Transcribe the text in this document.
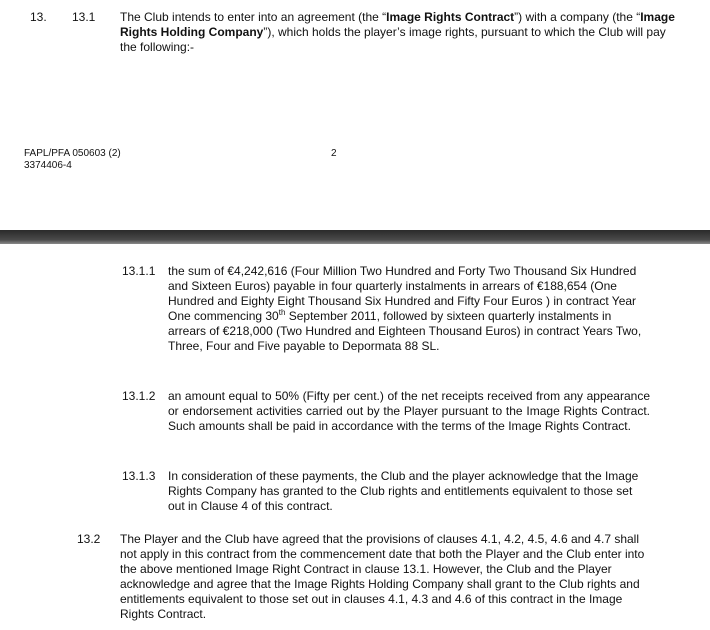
13. 13.1 The Club intends to enter into an agreement (the “Image Rights Contract”) with a company (the “Image Rights Holding Company”), which holds the player’s image rights, pursuant to which the Club will pay the following:-

FAPL/PFA 050603 (2)
3374406-4
2
13.1.1 the sum of €4,242,616 (Four Million Two Hundred and Forty Two Thousand Six Hundred and Sixteen Euros) payable in four quarterly instalments in arrears of €188,654 (One Hundred and Eighty Eight Thousand Six Hundred and Fifty Four Euros ) in contract Year One commencing 30th September 2011, followed by sixteen quarterly instalments in arrears of €218,000 (Two Hundred and Eighteen Thousand Euros) in contract Years Two, Three, Four and Five payable to Depormata 88 SL.

13.1.2 an amount equal to 50% (Fifty per cent.) of the net receipts received from any appearance or endorsement activities carried out by the Player pursuant to the Image Rights Contract. Such amounts shall be paid in accordance with the terms of the Image Rights Contract.
13.1.3 In consideration of these payments, the Club and the player acknowledge that the Image Rights Company has granted to the Club rights and entitlements equivalent to those set out in Clause 4 of this contract.
13.2 The Player and the Club have agreed that the provisions of clauses 4.1, 4.2, 4.5, 4.6 and 4.7 shall not apply in this contract from the commencement date that both the Player and the Club enter into the above mentioned Image Right Contract in clause 13.1. However, the Club and the Player acknowledge and agree that the Image Rights Holding Company shall grant to the Club rights and entitlements equivalent to those set out in clauses 4.1, 4.3 and 4.6 of this contract in the Image Rights Contract.
